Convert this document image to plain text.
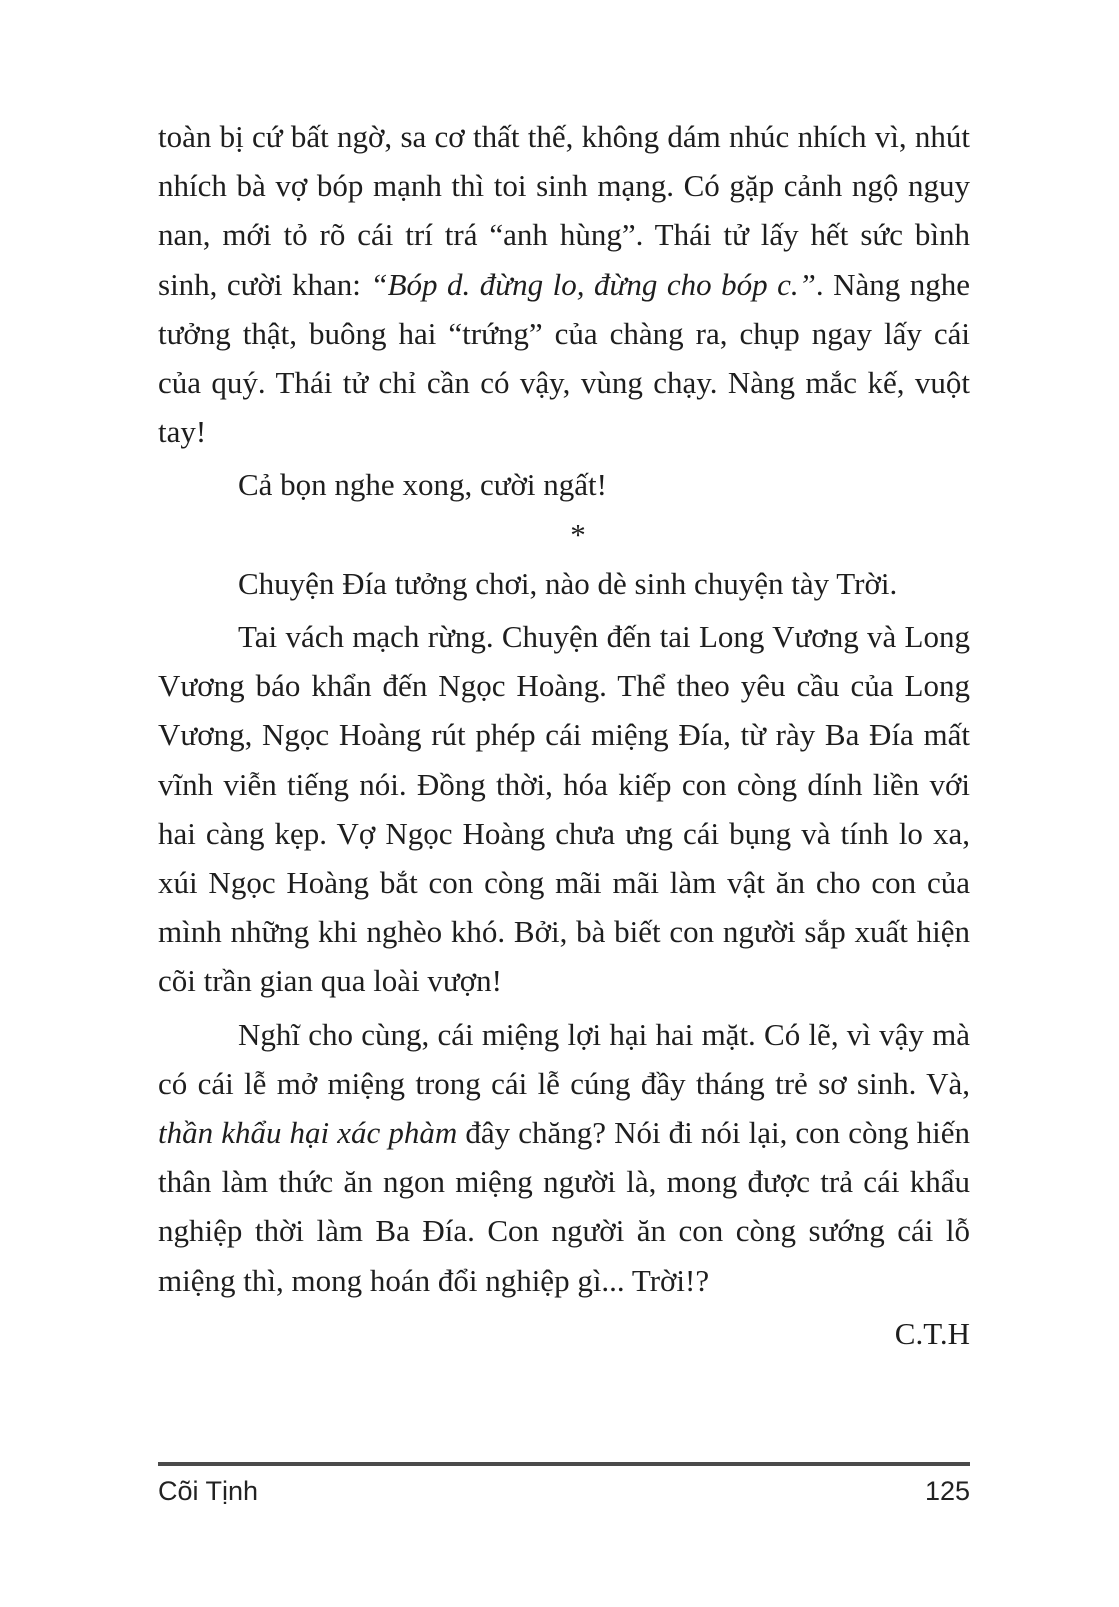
toàn bị cứ bất ngờ, sa cơ thất thế, không dám nhúc nhích vì, nhút nhích bà vợ bóp mạnh thì toi sinh mạng. Có gặp cảnh ngộ nguy nan, mới tỏ rõ cái trí trá “anh hùng”. Thái tử lấy hết sức bình sinh, cười khan: “Bóp d. đừng lo, đừng cho bóp c.”. Nàng nghe tưởng thật, buông hai “trứng” của chàng ra, chụp ngay lấy cái của quý. Thái tử chỉ cần có vậy, vùng chạy. Nàng mắc kế, vuột tay!

Cả bọn nghe xong, cười ngất!

*

Chuyện Đía tưởng chơi, nào dè sinh chuyện tày Trời.

Tai vách mạch rừng. Chuyện đến tai Long Vương và Long Vương báo khẩn đến Ngọc Hoàng. Thể theo yêu cầu của Long Vương, Ngọc Hoàng rút phép cái miệng Đía, từ rày Ba Đía mất vĩnh viễn tiếng nói. Đồng thời, hóa kiếp con còng dính liền với hai càng kẹp. Vợ Ngọc Hoàng chưa ưng cái bụng và tính lo xa, xúi Ngọc Hoàng bắt con còng mãi mãi làm vật ăn cho con của mình những khi nghèo khó. Bởi, bà biết con người sắp xuất hiện cõi trần gian qua loài vượn!

Nghĩ cho cùng, cái miệng lợi hại hai mặt. Có lẽ, vì vậy mà có cái lễ mở miệng trong cái lễ cúng đầy tháng trẻ sơ sinh. Và, thần khẩu hại xác phàm đây chăng? Nói đi nói lại, con còng hiến thân làm thức ăn ngon miệng người là, mong được trả cái khẩu nghiệp thời làm Ba Đía. Con người ăn con còng sướng cái lỗ miệng thì, mong hoán đổi nghiệp gì... Trời!?

C.T.H

Cõi Tịnh	125
